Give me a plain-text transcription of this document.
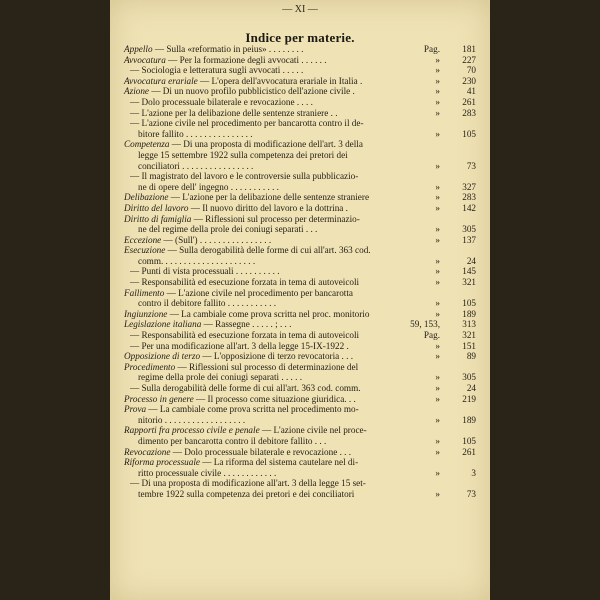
— XI —
Indice per materie.
Appello — Sulla «reformatio in peius» . . . . . . . .	Pag.	181
Avvocatura — Per la formazione degli avvocati . . . . . .	»	227
— Sociologia e letteratura sugli avvocati . . . . .	»	70
Avvocatura erariale — L'opera dell'avvocatura erariale in Italia .	»	230
Azione — Di un nuovo profilo pubblicistico dell'azione civile .	»	41
— Dolo processuale bilaterale e revocazione . . . .	»	261
— L'azione per la delibazione delle sentenze straniere . .	»	283
— L'azione civile nel procedimento per bancarotta contro il de-
bitore fallito . . . . . . . . . . . . . . .	»	105
Competenza — Di una proposta di modificazione dell'art. 3 della
legge 15 settembre 1922 sulla competenza dei pretori dei
conciliatori . . . . . . . . . . . . . . . .	»	73
— Il magistrato del lavoro e le controversie sulla pubblicazio-
ne di opere dell' ingegno . . . . . . . . . . .	»	327
Delibazione — L'azione per la delibazione delle sentenze straniere	»	283
Diritto del lavoro — Il nuovo diritto del lavoro e la dottrina .	»	142
Diritto di famiglia — Riflessioni sul processo per determinazio-
ne del regime della prole dei coniugi separati . . .	»	305
Eccezione — (Sull') . . . . . . . . . . . . . . . .	»	137
Esecuzione — Sulla derogabilità delle forme di cui all'art. 363 cod.
comm. . . . . . . . . . . . . . . . . . . . .	»	24
— Punti di vista processuali . . . . . . . . . .	»	145
— Responsabilità ed esecuzione forzata in tema di autoveicoli	»	321
Fallimento — L'azione civile nel procedimento per bancarotta
contro il debitore fallito . . . . . . . . . . .	»	105
Ingiunzione — La cambiale come prova scritta nel proc. monitorio	»	189
Legislazione italiana — Rassegne . . . . . ; . . .	59, 153,	313
— Responsabilità ed esecuzione forzata in tema di autoveicoli	Pag.	321
— Per una modificazione all'art. 3 della legge 15-IX-1922 .	»	151
Opposizione di terzo — L'opposizione di terzo revocatoria . . .	»	89
Procedimento — Riflessioni sul processo di determinazione del
regime della prole dei coniugi separati . . . . .	»	305
— Sulla derogabilità delle forme di cui all'art. 363 cod. comm.	»	24
Processo in genere — Il processo come situazione giuridica. . .	»	219
Prova — La cambiale come prova scritta nel procedimento mo-
nitorio . . . . . . . . . . . . . . . . . .	»	189
Rapporti fra processo civile e penale — L'azione civile nel proce-
dimento per bancarotta contro il debitore fallito . . .	»	105
Revocazione — Dolo processuale bilaterale e revocazione . . .	»	261
Riforma processuale — La riforma del sistema cautelare nel di-
ritto processuale civile . . . . . . . . . . . .	»	3
— Di una proposta di modificazione all'art. 3 della legge 15 set-
tembre 1922 sulla competenza dei pretori e dei conciliatori	»	73
